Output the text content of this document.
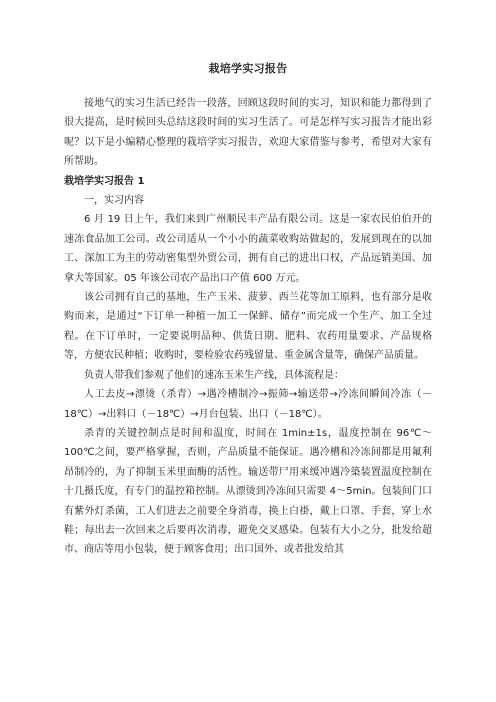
栽培学实习报告

接地气的实习生活已经告一段落，回顾这段时间的实习，知识和能力都得到了很大提高，是时候回头总结这段时间的实习生活了。可是怎样写实习报告才能出彩呢？以下是小编精心整理的栽培学实习报告，欢迎大家借鉴与参考，希望对大家有所帮助。

栽培学实习报告 1

一，实习内容

6 月 19 日上午，我们来到广州顺民丰产品有限公司。这是一家农民伯伯开的速冻食品加工公司。改公司适从一个小小的蔬菜收购站做起的，发展到现在的以加工、深加工为主的劳动密集型外贸公司，拥有自己的进出口权，产品远销美国、加拿大等国家。05 年该公司农产品出口产值 600 万元。

该公司拥有自己的基地，生产玉米、菠萝、西兰花等加工原料，也有部分是收购而来，是通过“下订单一种植一加工一保鲜、储存”而完成一个生产、加工全过程。在下订单时，一定要说明品种、供货日期、肥料、农药用量要求、产品规格等，方便农民种植；收购时，要检验农药残留量、重金属含量等，确保产品质量。

负责人带我们参观了他们的速冻玉米生产线，具体流程是：

人工去皮→漂烫（杀青）→遇冷槽制冷→振筛→输送带→冷冻间瞬间冷冻（－18℃）→出料口（－18℃）→月台包装、出口（－18℃）。

杀青的关键控制点是时间和温度，时间在 1min±1s，温度控制在 96℃～100℃之间，要严格掌握，否则，产品质量不能保证。遇冷槽和冷冻间都是用氟利昂制冷的，为了抑制玉米里面酶的活性。输送带尸用来缓冲遇冷築装置温度控制在十几摄氏度，有专门的温控箱控制。从漂烫到冷冻间只需要 4～5min。包装间门口有紫外灯杀菌，工人们进去之前要全身消毒，换上白褂，戴上口罩、手套，穿上水鞋；每出去一次回来之后要再次消毒，避免交叉感染。包装有大小之分，批发给超市、商店等用小包装，便于顾客食用；出口国外、或者批发给其
